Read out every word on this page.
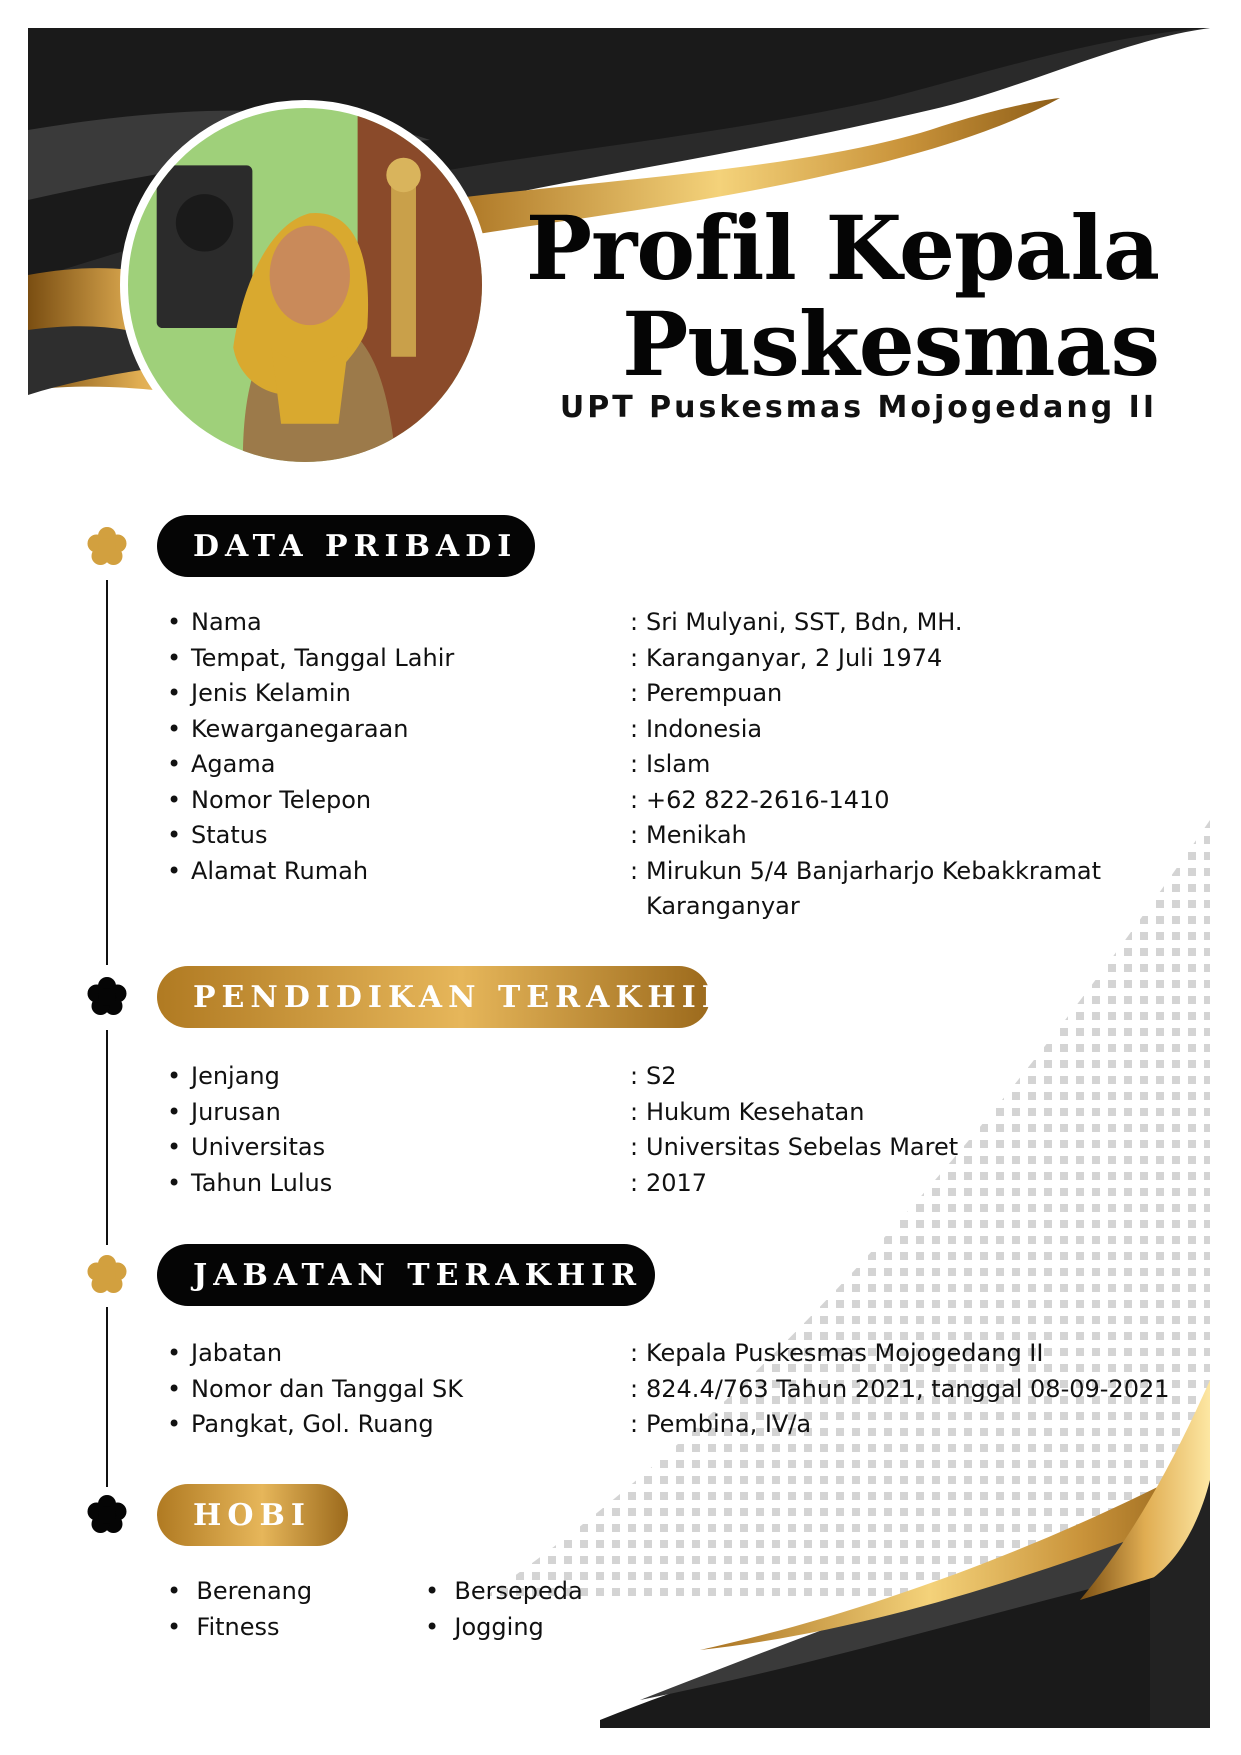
Profil Kepala
Puskesmas
UPT Puskesmas Mojogedang II
DATA PRIBADI
• Nama	: Sri Mulyani, SST, Bdn, MH.
• Tempat, Tanggal Lahir	: Karanganyar, 2 Juli 1974
• Jenis Kelamin	: Perempuan
• Kewarganegaraan	: Indonesia
• Agama	: Islam
• Nomor Telepon	: +62 822-2616-1410
• Status	: Menikah
• Alamat Rumah	: Mirukun 5/4 Banjarharjo Kebakkramat Karanganyar
PENDIDIKAN TERAKHIR
• Jenjang	: S2
• Jurusan	: Hukum Kesehatan
• Universitas	: Universitas Sebelas Maret
• Tahun Lulus	: 2017
JABATAN TERAKHIR
• Jabatan	: Kepala Puskesmas Mojogedang II
• Nomor dan Tanggal SK	: 824.4/763 Tahun 2021, tanggal 08-09-2021
• Pangkat, Gol. Ruang	: Pembina, IV/a
HOBI
• Berenang	• Bersepeda
• Fitness	• Jogging
